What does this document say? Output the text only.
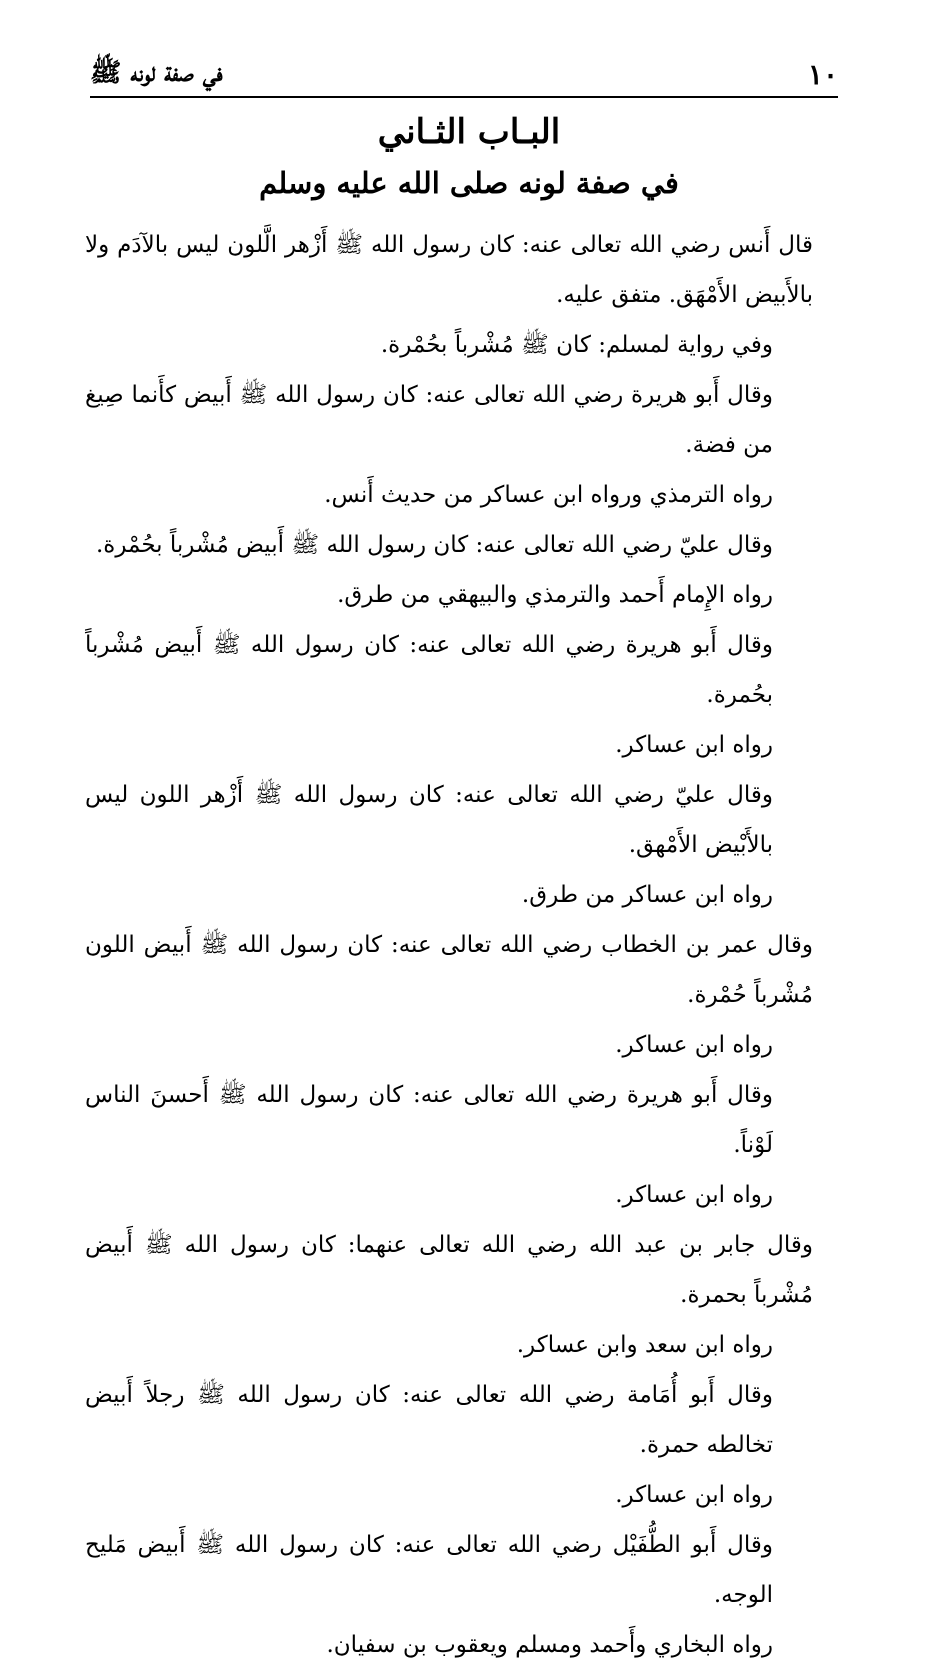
١٠
في صفة لونه ﷺ
البـاب الثـاني
في صفة لونه صلى الله عليه وسلم

قال أَنس رضي الله تعالى عنه: كان رسول الله ﷺ أَزْهر الَّلون ليس بالآدَم ولا بالأَبيض الأَمْهَق. متفق عليه.

وفي رواية لمسلم: كان ﷺ مُشْرباً بحُمْرة.

وقال أَبو هريرة رضي الله تعالى عنه: كان رسول الله ﷺ أَبيض كأَنما صِيغ من فضة.

رواه الترمذي ورواه ابن عساكر من حديث أَنس.

وقال عليّ رضي الله تعالى عنه: كان رسول الله ﷺ أَبيض مُشْرباً بحُمْرة.

رواه الإِمام أَحمد والترمذي والبيهقي من طرق.

وقال أَبو هريرة رضي الله تعالى عنه: كان رسول الله ﷺ أَبيض مُشْرباً بحُمرة.

رواه ابن عساكر.

وقال عليّ رضي الله تعالى عنه: كان رسول الله ﷺ أَزْهر اللون ليس بالأَبْيض الأَمْهق.

رواه ابن عساكر من طرق.

وقال عمر بن الخطاب رضي الله تعالى عنه: كان رسول الله ﷺ أَبيض اللون مُشْرباً حُمْرة.

رواه ابن عساكر.

وقال أَبو هريرة رضي الله تعالى عنه: كان رسول الله ﷺ أَحسنَ الناس لَوْناً.

رواه ابن عساكر.

وقال جابر بن عبد الله رضي الله تعالى عنهما: كان رسول الله ﷺ أَبيض مُشْرباً بحمرة.

رواه ابن سعد وابن عساكر.

وقال أَبو أُمَامة رضي الله تعالى عنه: كان رسول الله ﷺ رجلاً أَبيض تخالطه حمرة.

رواه ابن عساكر.

وقال أَبو الطُّفَيْل رضي الله تعالى عنه: كان رسول الله ﷺ أَبيض مَليح الوجه.

رواه البخاري وأَحمد ومسلم ويعقوب بن سفيان.
